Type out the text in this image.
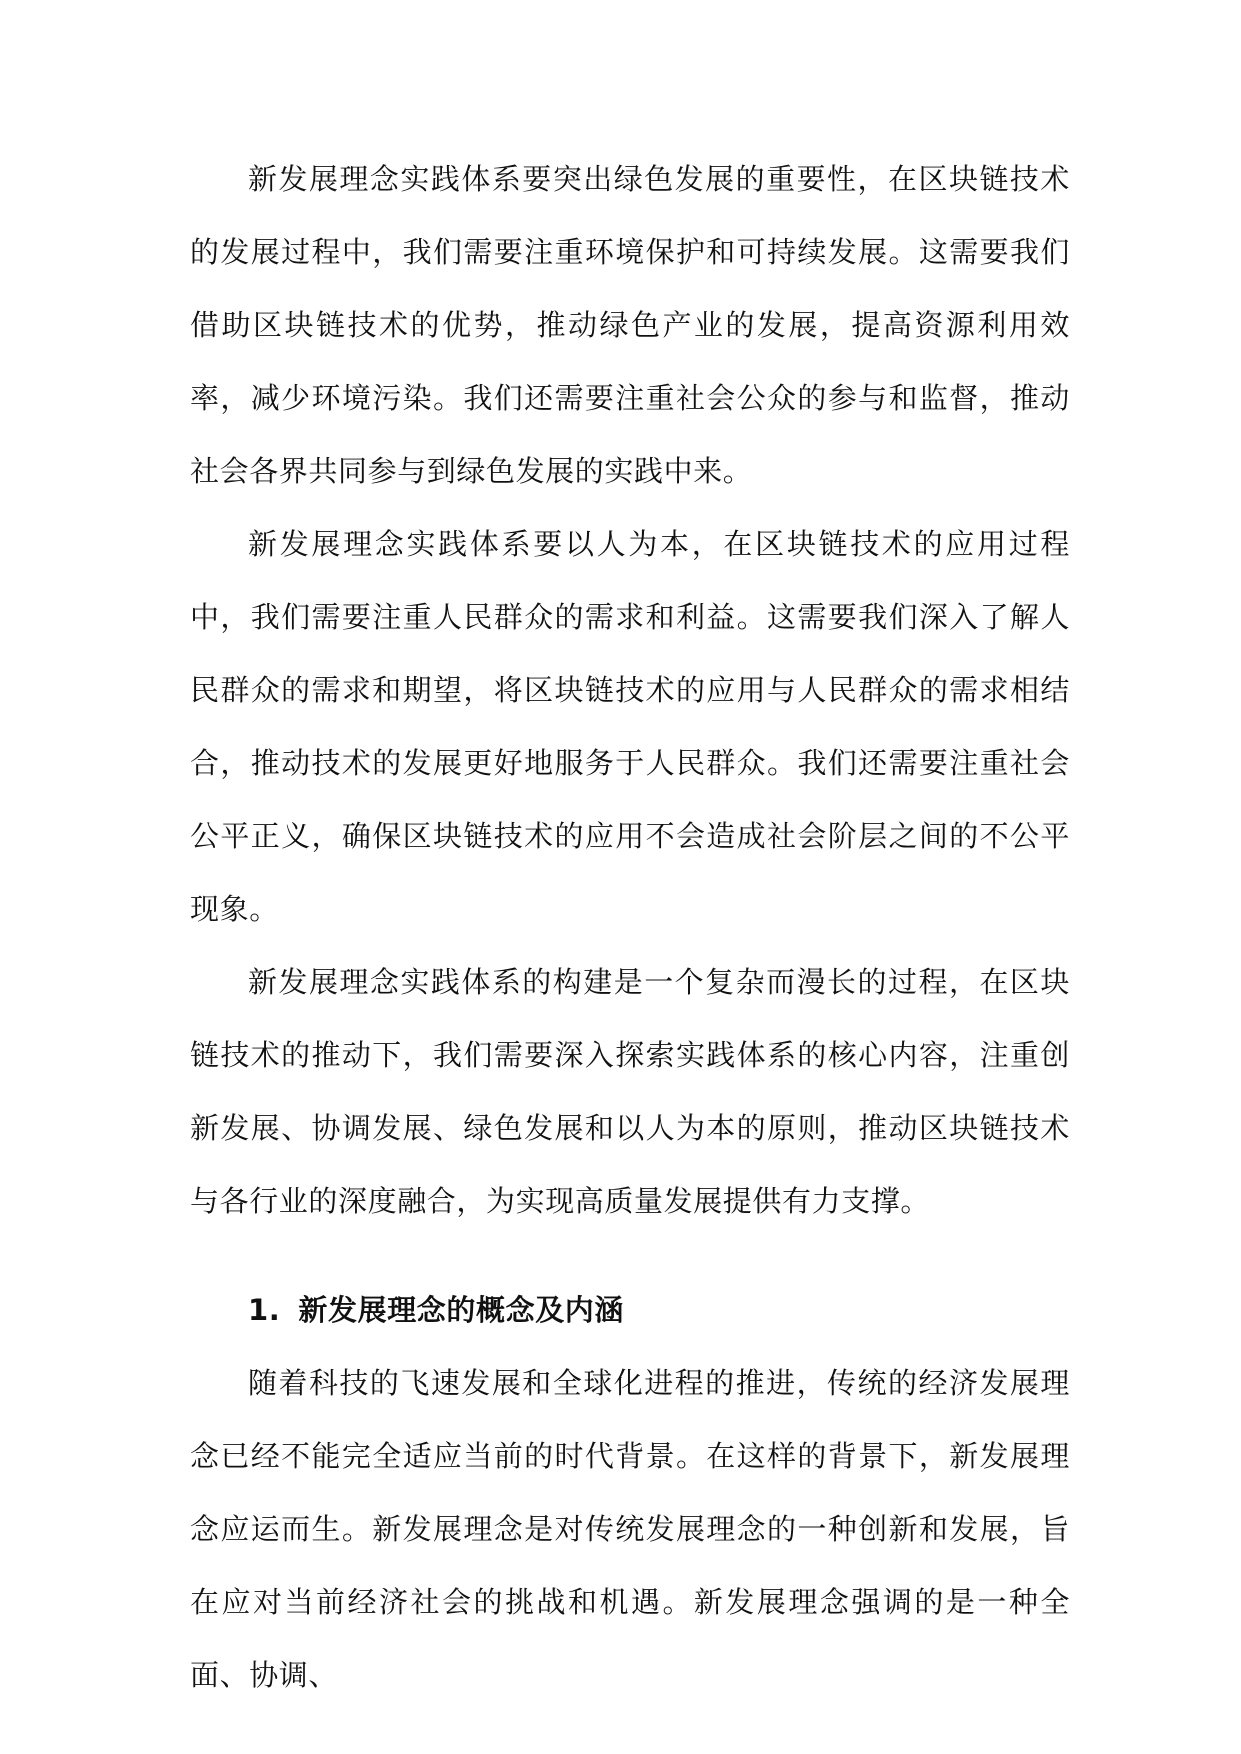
新发展理念实践体系要突出绿色发展的重要性，在区块链技术的发展过程中，我们需要注重环境保护和可持续发展。这需要我们借助区块链技术的优势，推动绿色产业的发展，提高资源利用效率，减少环境污染。我们还需要注重社会公众的参与和监督，推动社会各界共同参与到绿色发展的实践中来。

新发展理念实践体系要以人为本，在区块链技术的应用过程中，我们需要注重人民群众的需求和利益。这需要我们深入了解人民群众的需求和期望，将区块链技术的应用与人民群众的需求相结合，推动技术的发展更好地服务于人民群众。我们还需要注重社会公平正义，确保区块链技术的应用不会造成社会阶层之间的不公平现象。

新发展理念实践体系的构建是一个复杂而漫长的过程，在区块链技术的推动下，我们需要深入探索实践体系的核心内容，注重创新发展、协调发展、绿色发展和以人为本的原则，推动区块链技术与各行业的深度融合，为实现高质量发展提供有力支撑。

1. 新发展理念的概念及内涵

随着科技的飞速发展和全球化进程的推进，传统的经济发展理念已经不能完全适应当前的时代背景。在这样的背景下，新发展理念应运而生。新发展理念是对传统发展理念的一种创新和发展，旨在应对当前经济社会的挑战和机遇。新发展理念强调的是一种全面、协调、
